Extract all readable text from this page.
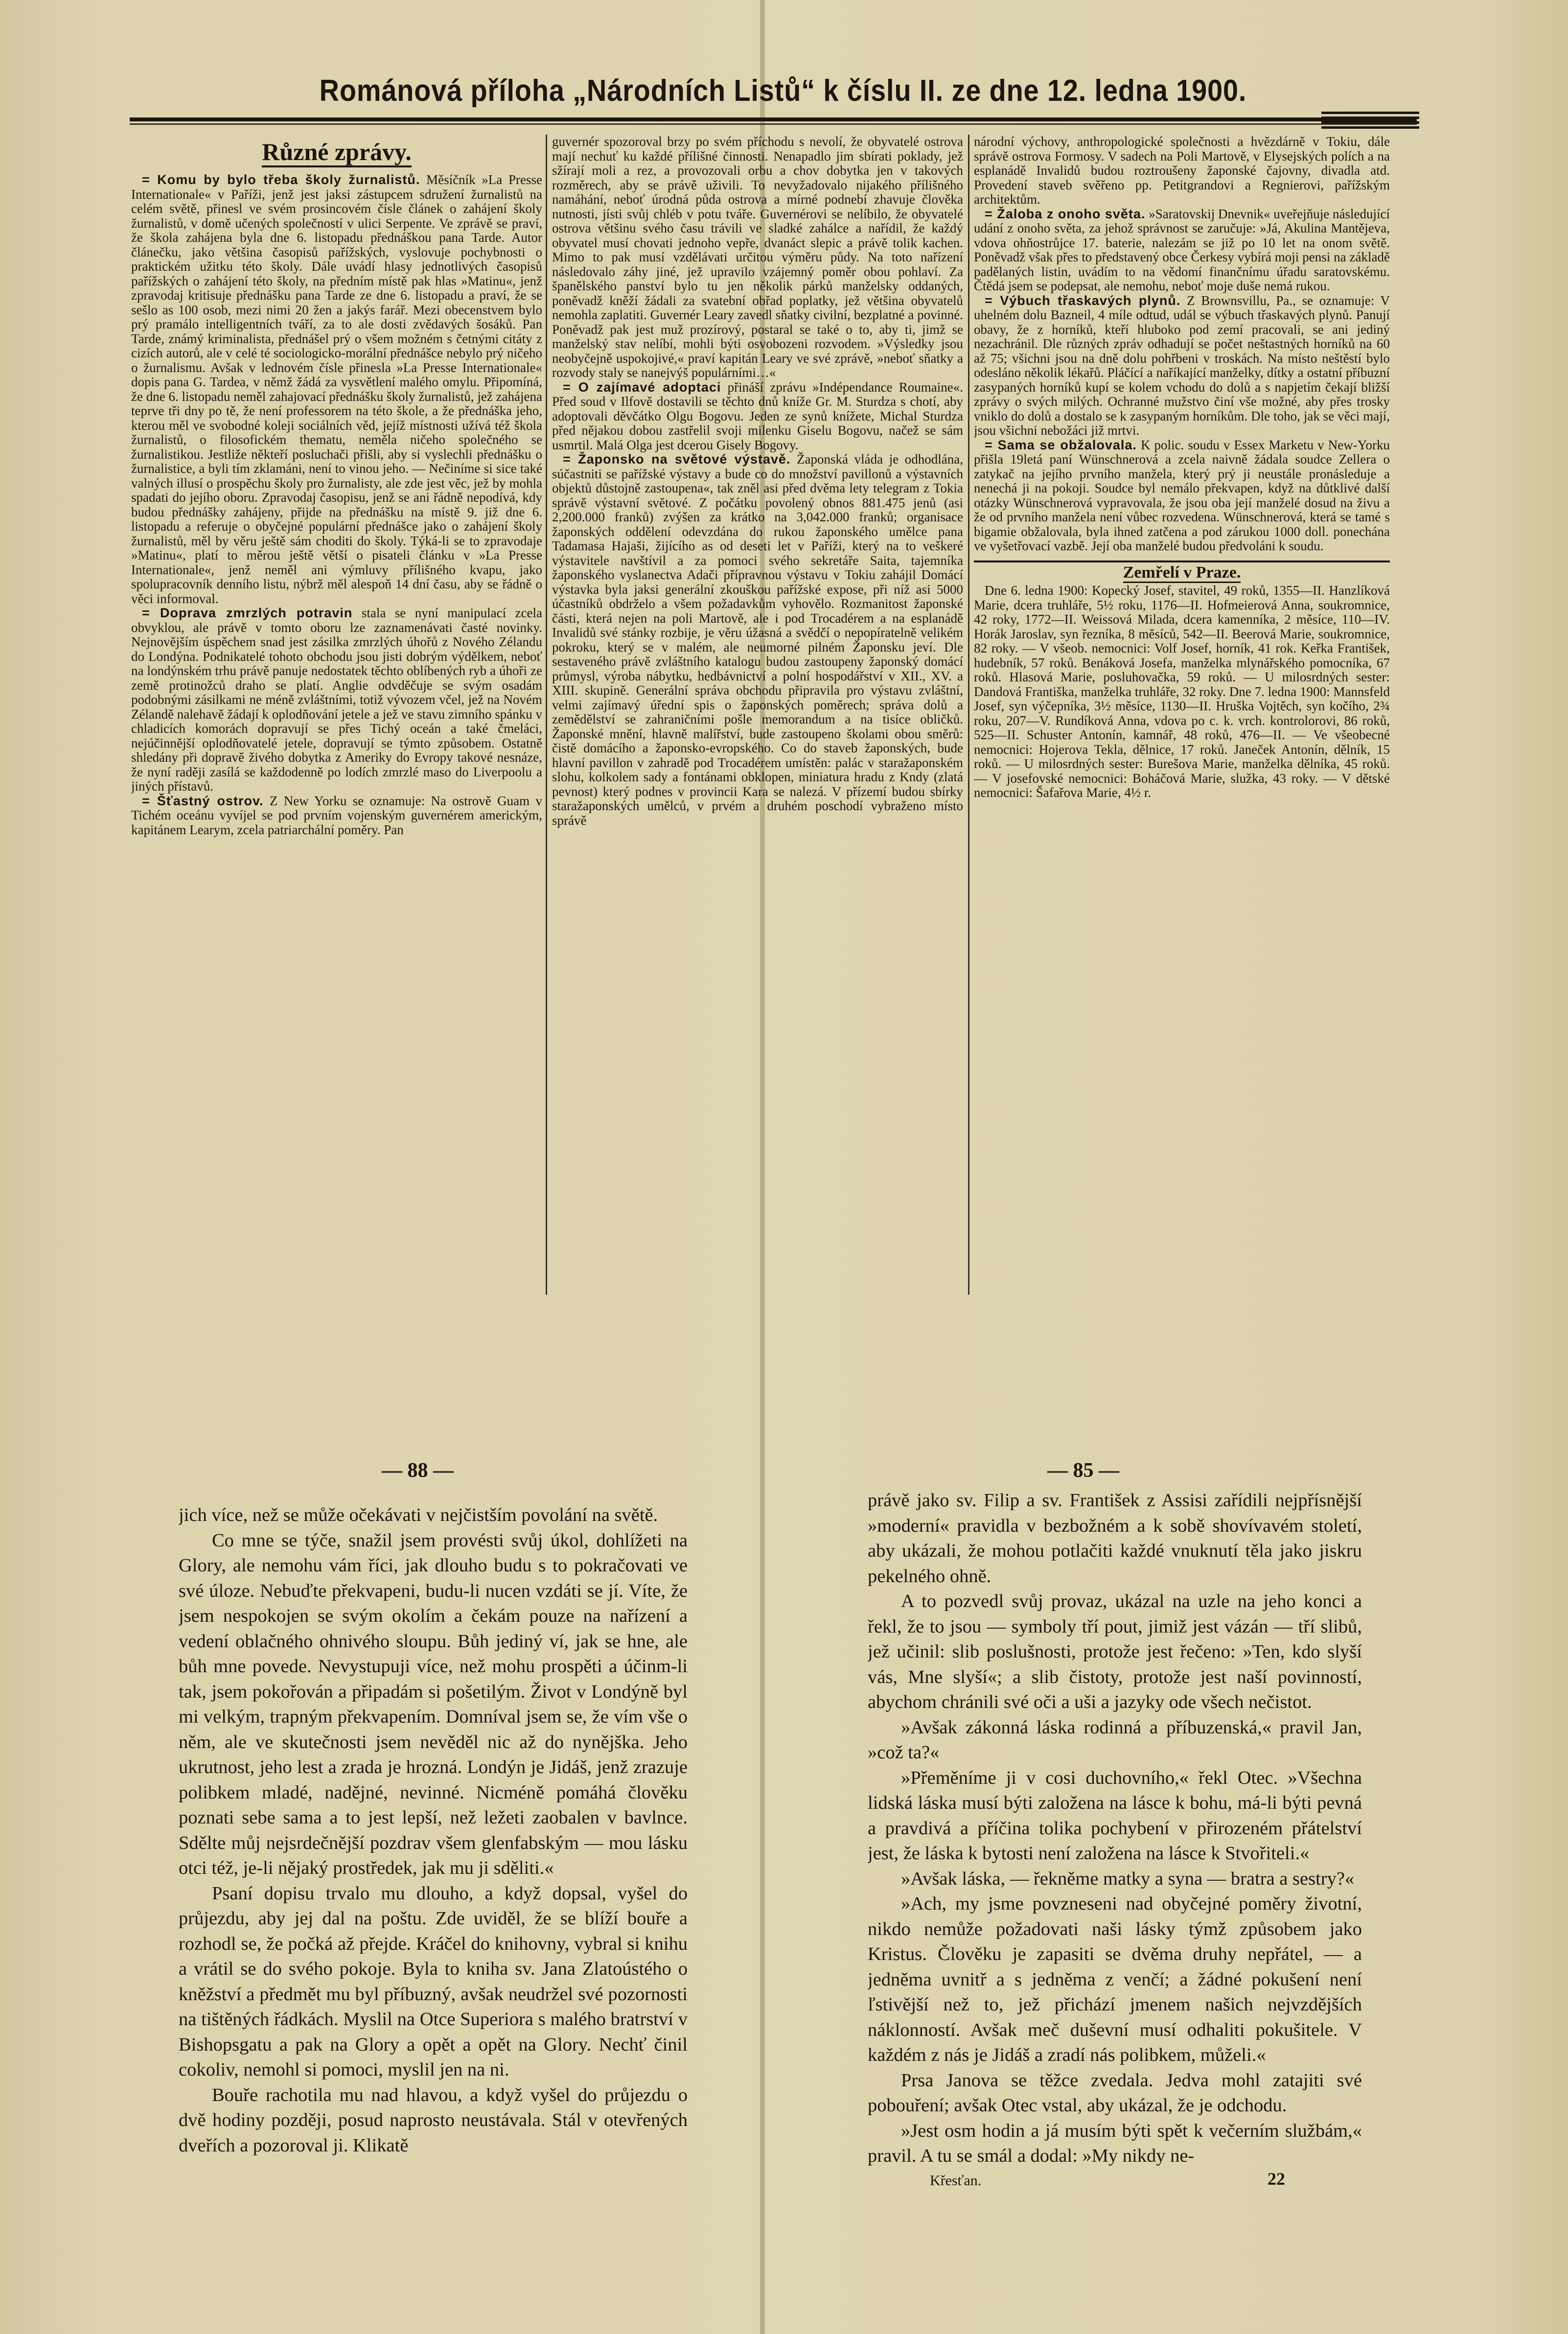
Románová příloha „Národních Listů“ k číslu II. ze dne 12. ledna 1900.
Různé zprávy.

= Komu by bylo třeba školy žurnalistů. Měsíčník »La Presse Internationale« v Paříži, jenž jest jaksi zástupcem sdružení žurnalistů na celém světě, přinesl ve svém prosincovém čísle článek o zahájení školy žurnalistů, v domě učených společností v ulici Serpente. Ve zprávě se praví, že škola zahájena byla dne 6. listopadu přednáškou pana Tarde. Autor článečku, jako většina časopisů pařížských, vyslovuje pochybnosti o praktickém užitku této školy. Dále uvádí hlasy jednotlivých časopisů pařížských o zahájení této školy, na předním místě pak hlas »Matinu«, jenž zpravodaj kritisuje přednášku pana Tarde ze dne 6. listopadu a praví, že se sešlo as 100 osob, mezi nimi 20 žen a jakýs farář. Mezi obecenstvem bylo prý pramálo intelligentních tváří, za to ale dosti zvědavých šosáků. Pan Tarde, známý kriminalista, přednášel prý o všem možném s četnými citáty z cizích autorů, ale v celé té sociologicko-morální přednášce nebylo prý ničeho o žurnalismu. Avšak v lednovém čísle přinesla »La Presse Internationale« dopis pana G. Tardea, v němž žádá za vysvětlení malého omylu. Připomíná, že dne 6. listopadu neměl zahajovací přednášku školy žurnalistů, jež zahájena teprve tři dny po tě, že není professorem na této škole, a že přednáška jeho, kterou měl ve svobodné koleji sociálních věd, jejíž místnosti užívá též škola žurnalistů, o filosofickém thematu, neměla ničeho společného se žurnalistikou. Jestliže někteří posluchači přišli, aby si vyslechli přednášku o žurnalistice, a byli tím zklamáni, není to vinou jeho. — Nečiníme si sice také valných illusí o prospěchu školy pro žurnalisty, ale zde jest věc, jež by mohla spadati do jejího oboru. Zpravodaj časopisu, jenž se ani řádně nepodívá, kdy budou přednášky zahájeny, přijde na přednášku na místě 9. již dne 6. listopadu a referuje o obyčejné populární přednášce jako o zahájení školy žurnalistů, měl by věru ještě sám choditi do školy. Týká-li se to zpravodaje »Matinu«, platí to měrou ještě větší o pisateli článku v »La Presse Internationale«, jenž neměl ani výmluvy přílišného kvapu, jako spolupracovník denního listu, nýbrž měl alespoň 14 dní času, aby se řádně o věci informoval.

= Doprava zmrzlých potravin stala se nyní manipulací zcela obvyklou, ale právě v tomto oboru lze zaznamenávati časté novinky. Nejnovějším úspěchem snad jest zásilka zmrzlých úhořů z Nového Zélandu do Londýna. Podnikatelé tohoto obchodu jsou jisti dobrým výdělkem, neboť na londýnském trhu právě panuje nedostatek těchto oblíbených ryb a úhoři ze země protinožců draho se platí. Anglie odvděčuje se svým osadám podobnými zásilkami ne méně zvláštními, totiž vývozem včel, jež na Novém Zélandě nalehavě žádají k oplodňování jetele a jež ve stavu zimního spánku v chladicích komorách dopravují se přes Tichý oceán a také čmeláci, nejúčinnější oplodňovatelé jetele, dopravují se týmto způsobem. Ostatně shledány při dopravě živého dobytka z Ameriky do Evropy takové nesnáze, že nyní raději zasílá se každodenně po lodích zmrzlé maso do Liverpoolu a jiných přístavů.

= Šťastný ostrov. Z New Yorku se oznamuje: Na ostrově Guam v Tichém oceánu vyvíjel se pod prvním vojenským guvernérem americkým, kapitánem Learym, zcela patriarchální poměry. Pan

guvernér spozoroval brzy po svém příchodu s nevolí, že obyvatelé ostrova mají nechuť ku každé přílišné činnosti. Nenapadlo jim sbírati poklady, jež sžírají moli a rez, a provozovali orbu a chov dobytka jen v takových rozměrech, aby se právě uživili. To nevyžadovalo nijakého přílišného namáhání, neboť úrodná půda ostrova a mírné podnebí zhavuje člověka nutnosti, jísti svůj chléb v potu tváře. Guvernérovi se nelíbilo, že obyvatelé ostrova většinu svého času trávili ve sladké zahálce a nařídil, že každý obyvatel musí chovati jednoho vepře, dvanáct slepic a právě tolik kachen. Mimo to pak musí vzdělávati určitou výměru půdy. Na toto nařízení následovalo záhy jiné, jež upravilo vzájemný poměr obou pohlaví. Za španělského panství bylo tu jen několik párků manželsky oddaných, poněvadž kněží žádali za svatební obřad poplatky, jež většina obyvatelů nemohla zaplatiti. Guvernér Leary zavedl sňatky civilní, bezplatné a povinné. Poněvadž pak jest muž prozírový, postaral se také o to, aby ti, jimž se manželský stav nelíbí, mohli býti osvobozeni rozvodem. »Výsledky jsou neobyčejně uspokojivé,« praví kapitán Leary ve své zprávě, »neboť sňatky a rozvody staly se nanejvýš populárními…«

= O zajímavé adoptaci přináší zprávu »Indépendance Roumaine«. Před soud v Ilfově dostavili se těchto dnů kníže Gr. M. Sturdza s chotí, aby adoptovali děvčátko Olgu Bogovu. Jeden ze synů knížete, Michal Sturdza před nějakou dobou zastřelil svoji milenku Giselu Bogovu, načež se sám usmrtil. Malá Olga jest dcerou Gisely Bogovy.

= Žaponsko na světové výstavě. Žaponská vláda je odhodlána, súčastniti se pařížské výstavy a bude co do množství pavillonů a výstavních objektů důstojně zastoupena«, tak zněl asi před dvěma lety telegram z Tokia správě výstavní světové. Z počátku povolený obnos 881.475 jenů (asi 2,200.000 franků) zvýšen za krátko na 3,042.000 franků; organisace žaponských oddělení odevzdána do rukou žaponského umělce pana Tadamasa Hajaši, žijícího as od deseti let v Paříži, který na to veškeré výstavitele navštívil a za pomoci svého sekretáře Saita, tajemníka žaponského vyslanectva Adači přípravnou výstavu v Tokiu zahájil Domácí výstavka byla jaksi generální zkouškou pařížské expose, při níž asi 5000 účastníků obdrželo a všem požadavkům vyhovělo. Rozmanitost žaponské části, která nejen na poli Martově, ale i pod Trocadérem a na esplanádě Invalidů své stánky rozbije, je věru úžasná a svědčí o nepopíratelně velikém pokroku, který se v malém, ale neumorné pilném Žaponsku jeví. Dle sestaveného právě zvláštního katalogu budou zastoupeny žaponský domácí průmysl, výroba nábytku, hedbávnictví a polní hospodářství v XII., XV. a XIII. skupině. Generální správa obchodu připravila pro výstavu zvláštní, velmi zajímavý úřední spis o žaponských poměrech; správa dolů a zemědělství se zahraničními pošle memorandum a na tisíce obličků. Žaponské mnění, hlavně malířství, bude zastoupeno školami obou směrů: čistě domácího a žaponsko-evropského. Co do staveb žaponských, bude hlavní pavillon v zahradě pod Trocadérem umístěn: palác v staražaponském slohu, kolkolem sady a fontánami obklopen, miniatura hradu z Kndy (zlatá pevnost) který podnes v provincii Kara se nalezá. V přízemí budou sbírky staražaponských umělců, v prvém a druhém poschodí vybraženo místo správě

národní výchovy, anthropologické společnosti a hvězdárně v Tokiu, dále správě ostrova Formosy. V sadech na Poli Martově, v Elysejských polích a na esplanádě Invalidů budou roztroušeny žaponské čajovny, divadla atd. Provedení staveb svěřeno pp. Petitgrandovi a Regnierovi, pařížským architektům.

= Žaloba z onoho světa. »Saratovskij Dnevnik« uveřejňuje následující udání z onoho světa, za jehož správnost se zaručuje: »Já, Akulina Mantějeva, vdova ohňostrůjce 17. baterie, nalezám se již po 10 let na onom světě. Poněvadž však přes to představený obce Čerkesy vybírá moji pensi na základě padělaných listin, uvádím to na vědomí finančnímu úřadu saratovskému. Čtědá jsem se podepsat, ale nemohu, neboť moje duše nemá rukou.

= Výbuch třaskavých plynů. Z Brownsvillu, Pa., se oznamuje: V uhelném dolu Bazneil, 4 míle odtud, udál se výbuch třaskavých plynů. Panují obavy, že z horníků, kteří hluboko pod zemí pracovali, se ani jediný nezachránil. Dle různých zpráv odhadují se počet neštastných horníků na 60 až 75; všichni jsou na dně dolu pohřbeni v troskách. Na místo neštěstí bylo odesláno několik lékařů. Pláčící a naříkající manželky, dítky a ostatní příbuzní zasypaných horníků kupí se kolem vchodu do dolů a s napjetím čekají bližší zprávy o svých milých. Ochranné mužstvo činí vše možné, aby přes trosky vniklo do dolů a dostalo se k zasypaným horníkům. Dle toho, jak se věci mají, jsou všichni nebožáci již mrtvi.

= Sama se obžalovala. K polic. soudu v Essex Marketu v New-Yorku přišla 19letá paní Wünschnerová a zcela naivně žádala soudce Zellera o zatykač na jejího prvního manžela, který prý ji neustále pronásleduje a nenechá ji na pokoji. Soudce byl nemálo překvapen, když na důtklivé další otázky Wünschnerová vypravovala, že jsou oba její manželé dosud na živu a že od prvního manžela není vůbec rozvedena. Wünschnerová, která se tamé s bigamie obžalovala, byla ihned zatčena a pod zárukou 1000 doll. ponechána ve vyšetřovací vazbě. Její oba manželé budou předvoláni k soudu.

Zemřelí v Praze.

Dne 6. ledna 1900: Kopecký Josef, stavitel, 49 roků, 1355—II. Hanzlíková Marie, dcera truhláře, 5½ roku, 1176—II. Hofmeierová Anna, soukromnice, 42 roky, 1772—II. Weissová Milada, dcera kamenníka, 2 měsíce, 110—IV. Horák Jaroslav, syn řezníka, 8 měsíců, 542—II. Beerová Marie, soukromnice, 82 roky. — V všeob. nemocnici: Volf Josef, horník, 41 rok. Keřka František, hudebník, 57 roků. Benáková Josefa, manželka mlynářského pomocníka, 67 roků. Hlasová Marie, posluhovačka, 59 roků. — U milosrdných sester: Dandová Františka, manželka truhláře, 32 roky. Dne 7. ledna 1900: Mannsfeld Josef, syn výčepníka, 3½ měsíce, 1130—II. Hruška Vojtěch, syn kočího, 2¾ roku, 207—V. Rundíková Anna, vdova po c. k. vrch. kontrolorovi, 86 roků, 525—II. Schuster Antonín, kamnář, 48 roků, 476—II. — Ve všeobecné nemocnici: Hojerova Tekla, dělnice, 17 roků. Janeček Antonín, dělník, 15 roků. — U milosrdných sester: Burešova Marie, manželka dělníka, 45 roků. — V josefovské nemocnici: Boháčová Marie, služka, 43 roky. — V dětské nemocnici: Šafařova Marie, 4½ r.

— 88 —	— 85 —

jich více, než se může očekávati v nejčistším povolání na světě.

Co mne se týče, snažil jsem provésti svůj úkol, dohlížeti na Glory, ale nemohu vám říci, jak dlouho budu s to pokračovati ve své úloze. Nebuďte překvapeni, budu-li nucen vzdáti se jí. Víte, že jsem nespokojen se svým okolím a čekám pouze na nařízení a vedení oblačného ohnivého sloupu. Bůh jediný ví, jak se hne, ale bůh mne povede. Nevystupuji více, než mohu prospěti a účinm-li tak, jsem pokořován a připadám si pošetilým. Život v Londýně byl mi velkým, trapným překvapením. Domníval jsem se, že vím vše o něm, ale ve skutečnosti jsem nevěděl nic až do nynějška. Jeho ukrutnost, jeho lest a zrada je hrozná. Londýn je Jidáš, jenž zrazuje polibkem mladé, nadějné, nevinné. Nicméně pomáhá člověku poznati sebe sama a to jest lepší, než ležeti zaobalen v bavlnce. Sdělte můj nejsrdečnější pozdrav všem glenfabským — mou lásku otci též, je-li nějaký prostředek, jak mu ji sděliti.«

Psaní dopisu trvalo mu dlouho, a když dopsal, vyšel do průjezdu, aby jej dal na poštu. Zde uviděl, že se blíží bouře a rozhodl se, že počká až přejde. Kráčel do knihovny, vybral si knihu a vrátil se do svého pokoje. Byla to kniha sv. Jana Zlatoústého o kněžství a předmět mu byl příbuzný, avšak neudržel své pozornosti na tištěných řádkách. Myslil na Otce Superiora s malého bratrství v Bishopsgatu a pak na Glory a opět a opět na Glory. Nechť činil cokoliv, nemohl si pomoci, myslil jen na ni.

Bouře rachotila mu nad hlavou, a když vyšel do průjezdu o dvě hodiny později, posud naprosto neustávala. Stál v otevřených dveřích a pozoroval ji. Klikatě

právě jako sv. Filip a sv. František z Assisi zařídili nejpřísnější »moderní« pravidla v bezbožném a k sobě shovívavém století, aby ukázali, že mohou potlačiti každé vnuknutí těla jako jiskru pekelného ohně.

A to pozvedl svůj provaz, ukázal na uzle na jeho konci a řekl, že to jsou — symboly tří pout, jimiž jest vázán — tří slibů, jež učinil: slib poslušnosti, protože jest řečeno: »Ten, kdo slyší vás, Mne slyší«; a slib čistoty, protože jest naší povinností, abychom chránili své oči a uši a jazyky ode všech nečistot.

»Avšak zákonná láska rodinná a příbuzenská,« pravil Jan, »což ta?«

»Přeměníme ji v cosi duchovního,« řekl Otec. »Všechna lidská láska musí býti založena na lásce k bohu, má-li býti pevná a pravdivá a příčina tolika pochybení v přirozeném přátelství jest, že láska k bytosti není založena na lásce k Stvořiteli.«

»Avšak láska, — řekněme matky a syna — bratra a sestry?«

»Ach, my jsme povzneseni nad obyčejné poměry životní, nikdo nemůže požadovati naši lásky týmž způsobem jako Kristus. Člověku je zapasiti se dvěma druhy nepřátel, — a jedněma uvnitř a s jedněma z venčí; a žádné pokušení není ľstivější než to, jež přichází jmenem našich nejvzdějších náklonností. Avšak meč duševní musí odhaliti pokušitele. V každém z nás je Jidáš a zradí nás polibkem, můželi.«

Prsa Janova se těžce zvedala. Jedva mohl zatajiti své pobouření; avšak Otec vstal, aby ukázal, že je odchodu.

»Jest osm hodin a já musím býti spět k večerním službám,« pravil. A tu se smál a dodal: »My nikdy ne-

Křesťan.	22
